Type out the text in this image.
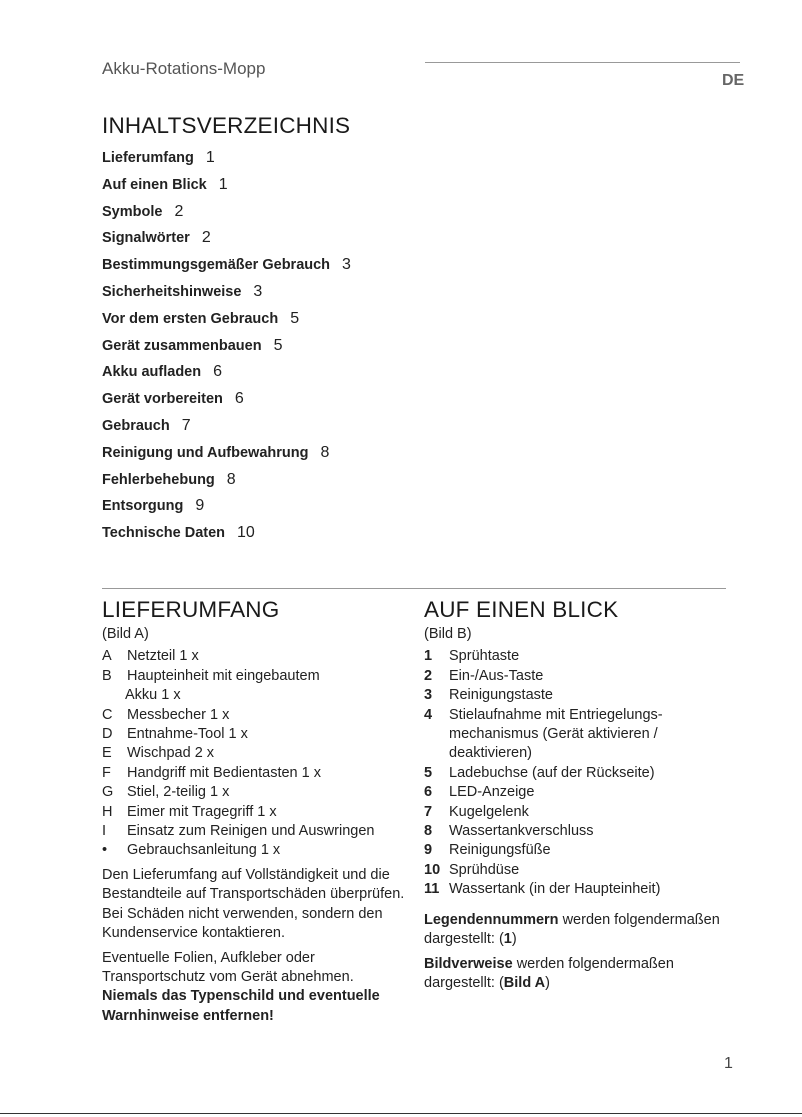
Akku-Rotations-Mopp
DE
INHALTSVERZEICHNIS
Lieferumfang 1
Auf einen Blick 1
Symbole 2
Signalwörter 2
Bestimmungsgemäßer Gebrauch 3
Sicherheitshinweise 3
Vor dem ersten Gebrauch 5
Gerät zusammenbauen 5
Akku aufladen 6
Gerät vorbereiten 6
Gebrauch 7
Reinigung und Aufbewahrung 8
Fehlerbehebung 8
Entsorgung 9
Technische Daten 10
LIEFERUMFANG
(Bild A)
A	Netzteil 1 x
B	Haupteinheit mit eingebautem
Akku 1 x
C	Messbecher 1 x
D	Entnahme-Tool 1 x
E	Wischpad 2 x
F	Handgriff mit Bedientasten 1 x
G Stiel, 2-teilig 1 x
H	Eimer mit Tragegriff 1 x
I	Einsatz zum Reinigen und Auswringen
•	Gebrauchsanleitung 1 x
Den Lieferumfang auf Vollständigkeit und die Bestandteile auf Transportschäden überprüfen. Bei Schäden nicht verwenden, sondern den Kundenservice kontaktieren.
Eventuelle Folien, Aufkleber oder Transportschutz vom Gerät abnehmen.
Niemals das Typenschild und eventuelle Warnhinweise entfernen!
AUF EINEN BLICK
(Bild B)
1	Sprühtaste
2	Ein-/Aus-Taste
3	Reinigungstaste
4	Stielaufnahme mit Entriegelungsmechanismus (Gerät aktivieren / deaktivieren)
5	Ladebuchse (auf der Rückseite)
6	LED-Anzeige
7	Kugelgelenk
8	Wassertankverschluss
9	Reinigungsfüße
10 Sprühdüse
11 Wassertank (in der Haupteinheit)
Legendennummern werden folgendermaßen dargestellt: (1)
Bildverweise werden folgendermaßen dargestellt: (Bild A)
1
